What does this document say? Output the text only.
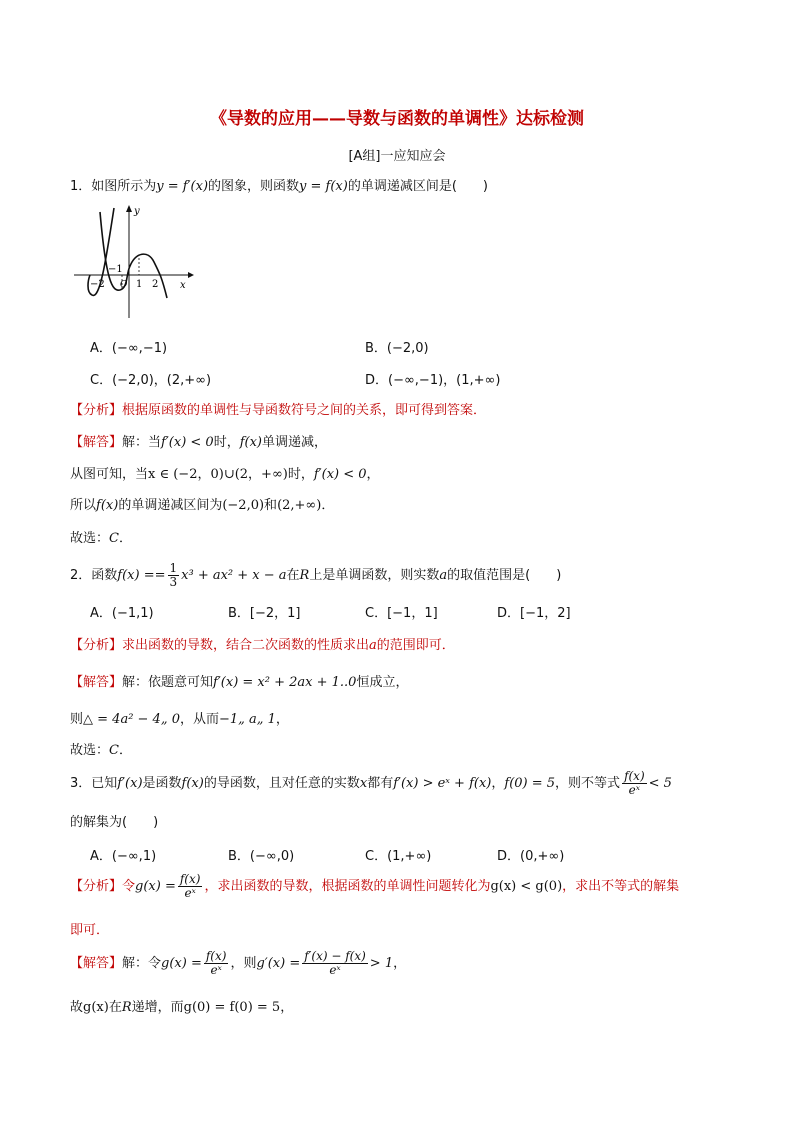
《导数的应用——导数与函数的单调性》达标检测
[A组]一应知应会
1．如图所示为y = f′(x)的图象，则函数y = f(x)的单调递减区间是(　　)
y
x
−2
−1
O 1 2
A．(−∞,−1)	B．(−2,0)
C．(−2,0)，(2,+∞)	D．(−∞,−1)，(1,+∞)
【分析】根据原函数的单调性与导函数符号之间的关系，即可得到答案．
【解答】解：当f′(x) < 0时，f(x)单调递减，
从图可知，当x ∈ (−2，0)∪(2，+∞)时，f′(x) < 0，
所以f(x)的单调递减区间为(−2,0)和(2,+∞)．
故选：C．
2．函数$f(x) == \frac{1}{3} x^3 + ax^2 + x - a$在R上是单调函数，则实数a的取值范围是(　　)
A．(−1,1)	B．[−2，1]	C．[−1，1]	D．[−1，2]
【分析】求出函数的导数，结合二次函数的性质求出a的范围即可．
【解答】解：依题意可知f′(x) = x² + 2ax + 1..0恒成立，
则△ = 4a² − 4„ 0，从而−1„ a„ 1，
故选：C．
3．已知f′(x)是函数f(x)的导函数，且对任意的实数x都有f′(x) > eˣ + f(x)，f(0) = 5，则不等式 $\frac{f(x)}{\text{eˣ}} < 5$
的解集为(　　)
A．(−∞,1)	B．(−∞,0)	C．(1,+∞)	D．(0,+∞)
【分析】令$g(x) = \frac{f(x)}{\text{eˣ}}$ ，求出函数的导数，根据函数的单调性问题转化为g(x) < g(0)，求出不等式的解集
即可．
【解答】解：令$g(x) = \frac{f(x)}{\text{eˣ}}$ ，则$g'(x) = \frac{f'(x) - f(x)}{\text{eˣ}} > 1$，
故g(x)在R递增，而g(0) = f(0) = 5，
